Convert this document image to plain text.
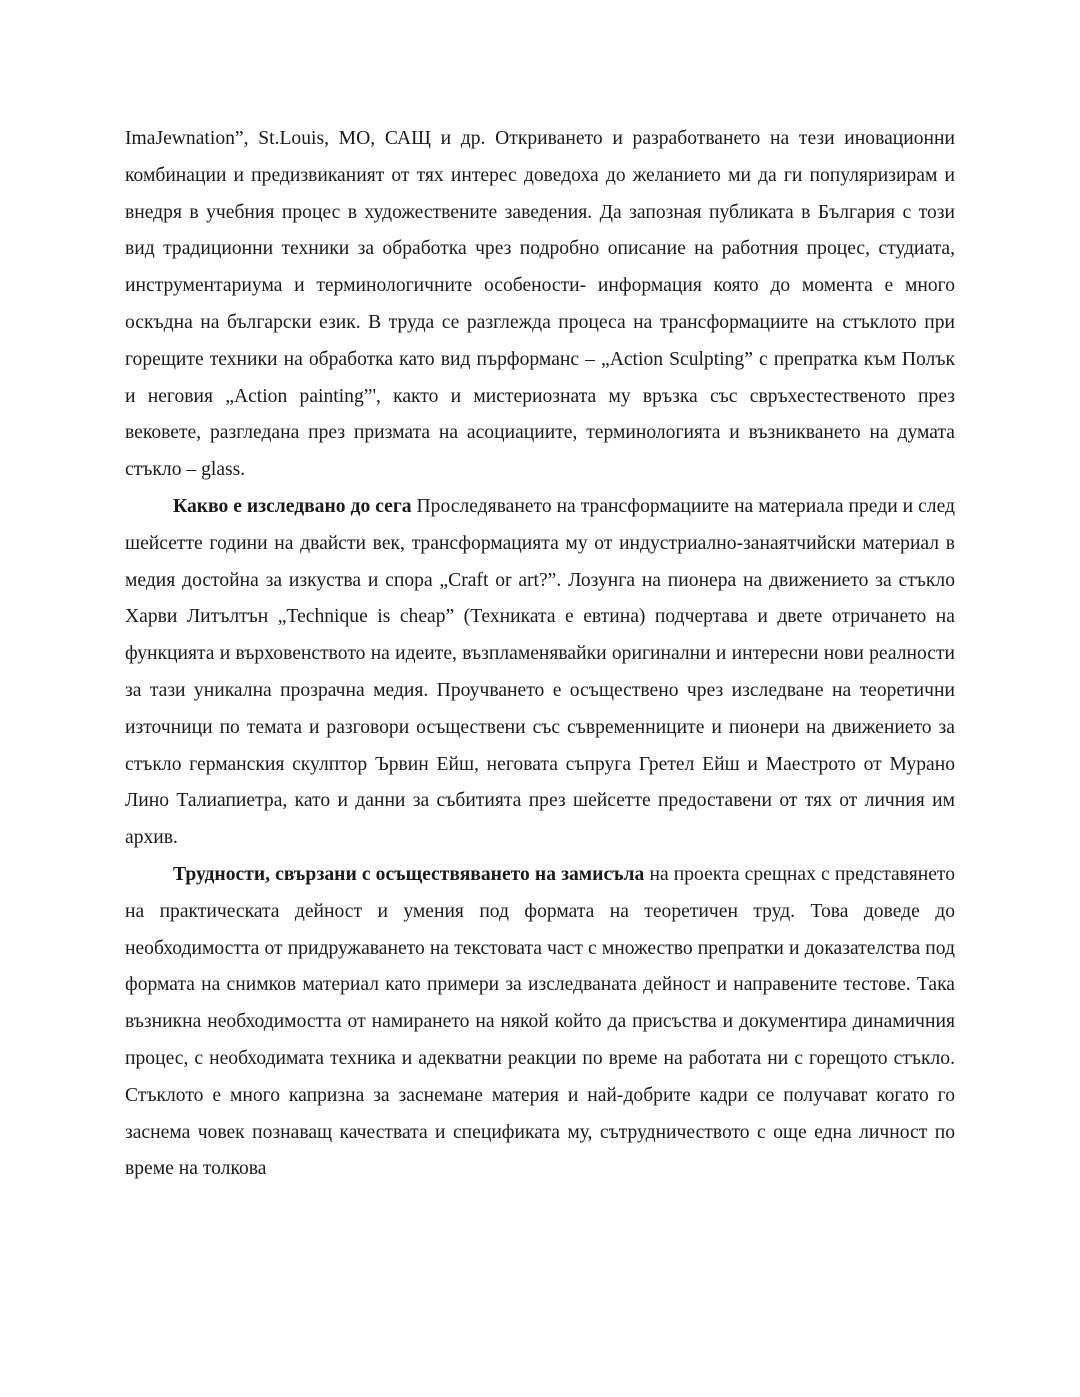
ImaJewnation”, St.Louis, MO, САЩ и др. Откриването и разработването на тези иновационни комбинации и предизвиканият от тях интерес доведоха до желанието ми да ги популяризирам и внедря в учебния процес в художествените заведения. Да запозная публиката в България с този вид традиционни техники за обработка чрез подробно описание на работния процес, студиата, инструментариума и терминологичните особености- информация която до момента е много оскъдна на български език. В труда се разглежда процеса на трансформациите на стъклото при горещите техники на обработка като вид пърформанс – „Action Sculpting” с препратка към Полък и неговия „Action painting”', както и мистериозната му връзка със свръхестественото през вековете, разгледана през призмата на асоциациите, терминологията и възникването на думата стъкло – glass.

Какво е изследвано до сега Проследяването на трансформациите на материала преди и след шейсетте години на двайсти век, трансформацията му от индустриално-занаятчийски материал в медия достойна за изкуства и спора „Craft or art?”. Лозунга на пионера на движението за стъкло Харви Литълтън „Technique is cheap” (Техниката е евтина) подчертава и двете отричането на функцията и върховенството на идеите, възпламенявайки оригинални и интересни нови реалности за тази уникална прозрачна медия. Проучването е осъществено чрез изследване на теоретични източници по темата и разговори осъществени със съвременниците и пионери на движението за стъкло германския скулптор Ървин Ейш, неговата съпруга Гретел Ейш и Маестрото от Мурано Лино Талиапиетра, като и данни за събитията през шейсетте предоставени от тях от личния им архив.

Трудности, свързани с осъществяването на замисъла на проекта срещнах с представянето на практическата дейност и умения под формата на теоретичен труд. Това доведе до необходимостта от придружаването на текстовата част с множество препратки и доказателства под формата на снимков материал като примери за изследваната дейност и направените тестове. Така възникна необходимостта от намирането на някой който да присъства и документира динамичния процес, с необходимата техника и адекватни реакции по време на работата ни с горещото стъкло. Стъклото е много капризна за заснемане материя и най-добрите кадри се получават когато го заснема човек познаващ качествата и спецификата му, сътрудничеството с още една личност по време на толкова
